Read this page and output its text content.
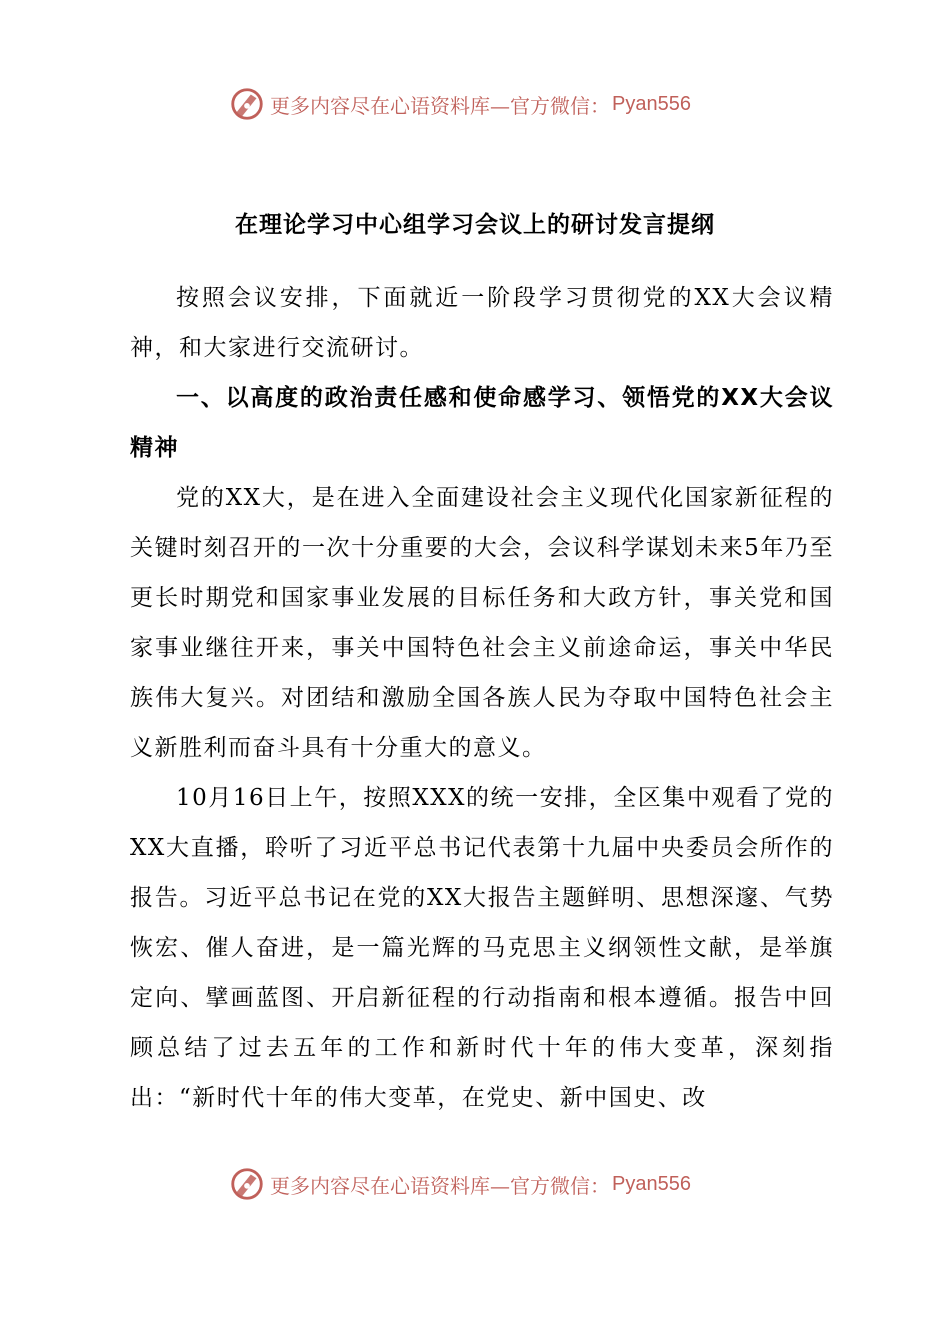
更多内容尽在心语资料库—官方微信： Pyan556
在理论学习中心组学习会议上的研讨发言提纲

按照会议安排，下面就近一阶段学习贯彻党的XX大会议精神，和大家进行交流研讨。

一、以高度的政治责任感和使命感学习、领悟党的XX大会议精神

党的XX大，是在进入全面建设社会主义现代化国家新征程的关键时刻召开的一次十分重要的大会，会议科学谋划未来5年乃至更长时期党和国家事业发展的目标任务和大政方针，事关党和国家事业继往开来，事关中国特色社会主义前途命运，事关中华民族伟大复兴。对团结和激励全国各族人民为夺取中国特色社会主义新胜利而奋斗具有十分重大的意义。

10月16日上午，按照XXX的统一安排，全区集中观看了党的XX大直播，聆听了习近平总书记代表第十九届中央委员会所作的报告。习近平总书记在党的XX大报告主题鲜明、思想深邃、气势恢宏、催人奋进，是一篇光辉的马克思主义纲领性文献，是举旗定向、擘画蓝图、开启新征程的行动指南和根本遵循。报告中回顾总结了过去五年的工作和新时代十年的伟大变革，深刻指出：“新时代十年的伟大变革，在党史、新中国史、改

更多内容尽在心语资料库—官方微信： Pyan556
